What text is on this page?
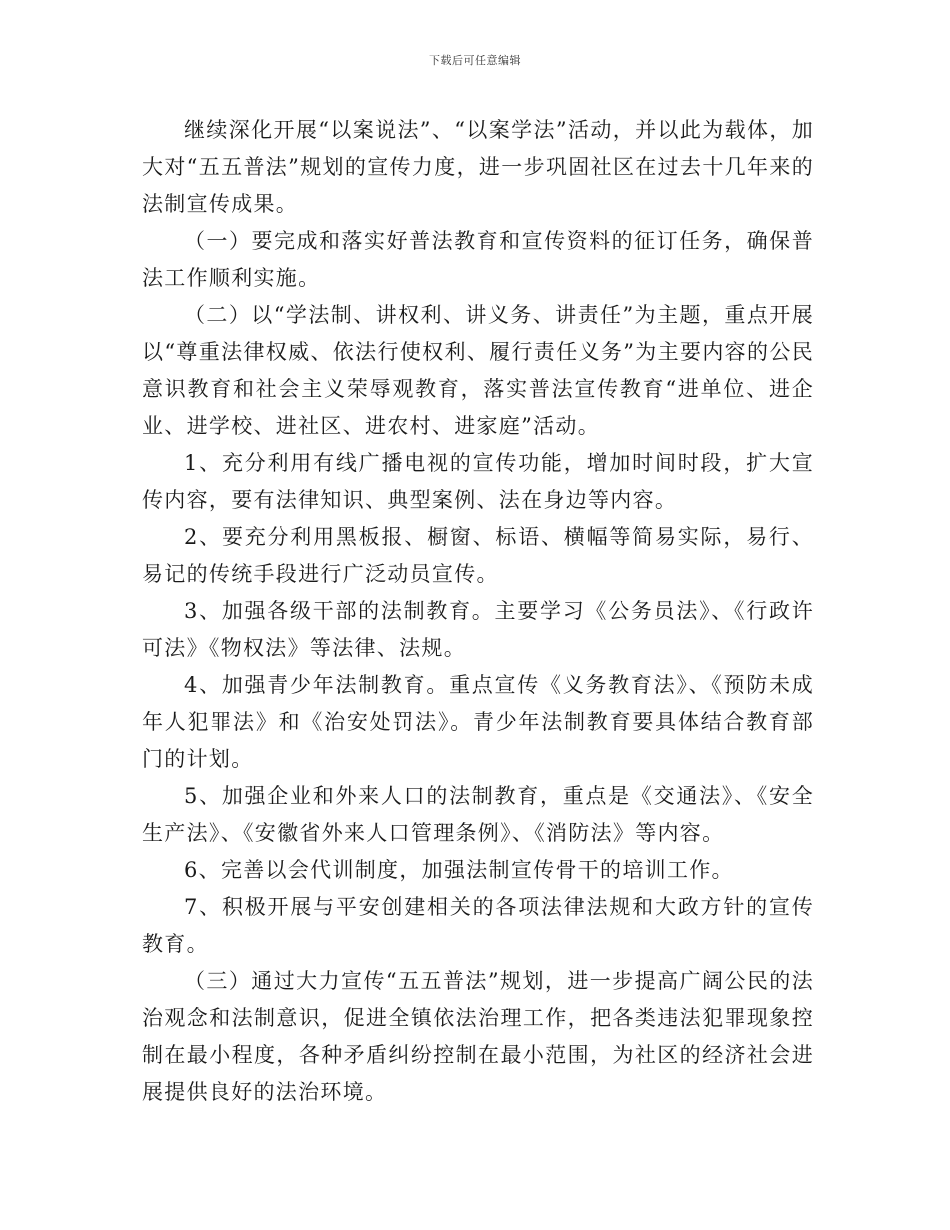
下载后可任意编辑

继续深化开展“以案说法”、“以案学法”活动，并以此为载体，加大对“五五普法”规划的宣传力度，进一步巩固社区在过去十几年来的法制宣传成果。

（一）要完成和落实好普法教育和宣传资料的征订任务，确保普法工作顺利实施。

（二）以“学法制、讲权利、讲义务、讲责任”为主题，重点开展以“尊重法律权威、依法行使权利、履行责任义务”为主要内容的公民意识教育和社会主义荣辱观教育，落实普法宣传教育“进单位、进企业、进学校、进社区、进农村、进家庭”活动。

1、充分利用有线广播电视的宣传功能，增加时间时段，扩大宣传内容，要有法律知识、典型案例、法在身边等内容。

2、要充分利用黑板报、橱窗、标语、横幅等简易实际，易行、易记的传统手段进行广泛动员宣传。

3、加强各级干部的法制教育。主要学习《公务员法》、《行政许可法》《物权法》等法律、法规。

4、加强青少年法制教育。重点宣传《义务教育法》、《预防未成年人犯罪法》和《治安处罚法》。青少年法制教育要具体结合教育部门的计划。

5、加强企业和外来人口的法制教育，重点是《交通法》、《安全生产法》、《安徽省外来人口管理条例》、《消防法》等内容。

6、完善以会代训制度，加强法制宣传骨干的培训工作。

7、积极开展与平安创建相关的各项法律法规和大政方针的宣传教育。

（三）通过大力宣传“五五普法”规划，进一步提高广阔公民的法治观念和法制意识，促进全镇依法治理工作，把各类违法犯罪现象控制在最小程度，各种矛盾纠纷控制在最小范围，为社区的经济社会进展提供良好的法治环境。
